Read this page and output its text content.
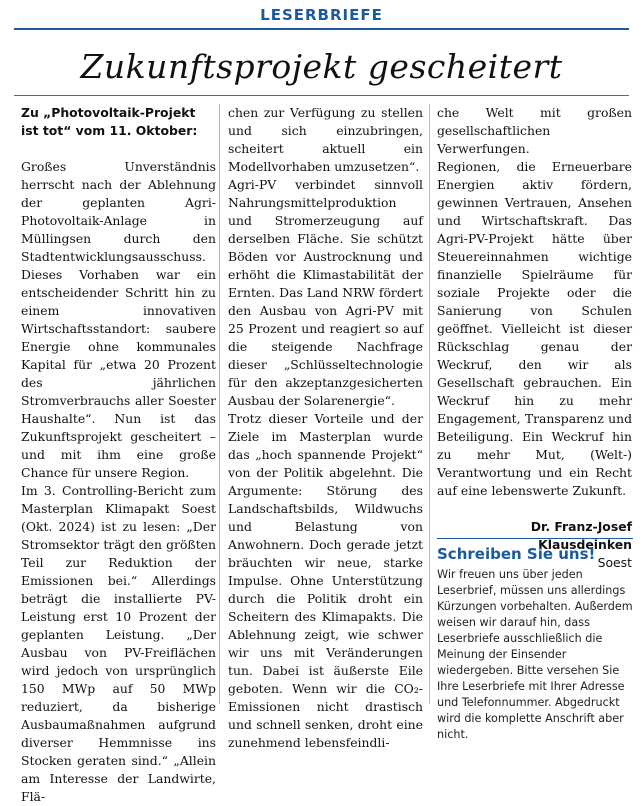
LESERBRIEFE
Zukunftsprojekt gescheitert

Zu „Photovoltaik-Projekt ist tot“ vom 11. Oktober:

Großes Unverständnis herrscht nach der Ablehnung der geplanten Agri-Photovoltaik-Anlage in Müllingsen durch den Stadtentwicklungsausschuss. Dieses Vorhaben war ein entscheidender Schritt hin zu einem innovativen Wirtschaftsstandort: saubere Energie ohne kommunales Kapital für „etwa 20 Prozent des jährlichen Stromverbrauchs aller Soester Haushalte“. Nun ist das Zukunftsprojekt gescheitert – und mit ihm eine große Chance für unsere Region.

Im 3. Controlling-Bericht zum Masterplan Klimapakt Soest (Okt. 2024) ist zu lesen: „Der Stromsektor trägt den größten Teil zur Reduktion der Emissionen bei.“ Allerdings beträgt die installierte PV-Leistung erst 10 Prozent der geplanten Leistung. „Der Ausbau von PV-Freiflächen wird jedoch von ursprünglich 150 MWp auf 50 MWp reduziert, da bisherige Ausbaumaßnahmen aufgrund diverser Hemmnisse ins Stocken geraten sind.“ „Allein am Interesse der Landwirte, Flä-

chen zur Verfügung zu stellen und sich einzubringen, scheitert aktuell ein Modellvorhaben umzusetzen“.

Agri-PV verbindet sinnvoll Nahrungsmittelproduktion und Stromerzeugung auf derselben Fläche. Sie schützt Böden vor Austrocknung und erhöht die Klimastabilität der Ernten. Das Land NRW fördert den Ausbau von Agri-PV mit 25 Prozent und reagiert so auf die steigende Nachfrage dieser „Schlüsseltechnologie für den akzeptanzgesicherten Ausbau der Solarenergie“.

Trotz dieser Vorteile und der Ziele im Masterplan wurde das „hoch spannende Projekt“ von der Politik abgelehnt. Die Argumente: Störung des Landschaftsbilds, Wildwuchs und Belastung von Anwohnern. Doch gerade jetzt bräuchten wir neue, starke Impulse. Ohne Unterstützung durch die Politik droht ein Scheitern des Klimapakts. Die Ablehnung zeigt, wie schwer wir uns mit Veränderungen tun. Dabei ist äußerste Eile geboten. Wenn wir die CO₂-Emissionen nicht drastisch und schnell senken, droht eine zunehmend lebensfeindli-

che Welt mit großen gesellschaftlichen Verwerfungen.

Regionen, die Erneuerbare Energien aktiv fördern, gewinnen Vertrauen, Ansehen und Wirtschaftskraft. Das Agri-PV-Projekt hätte über Steuereinnahmen wichtige finanzielle Spielräume für soziale Projekte oder die Sanierung von Schulen geöffnet. Vielleicht ist dieser Rückschlag genau der Weckruf, den wir als Gesellschaft gebrauchen. Ein Weckruf hin zu mehr Engagement, Transparenz und Beteiligung. Ein Weckruf hin zu mehr Mut, (Welt-) Verantwortung und ein Recht auf eine lebenswerte Zukunft.

Dr. Franz-Josef Klausdeinken

Soest

Schreiben Sie uns!

Wir freuen uns über jeden Leserbrief, müssen uns allerdings Kürzungen vorbehalten. Außerdem weisen wir darauf hin, dass Leserbriefe ausschließlich die Meinung der Einsender wiedergeben. Bitte versehen Sie Ihre Leserbriefe mit Ihrer Adresse und Telefonnummer. Abgedruckt wird die komplette Anschrift aber nicht.
